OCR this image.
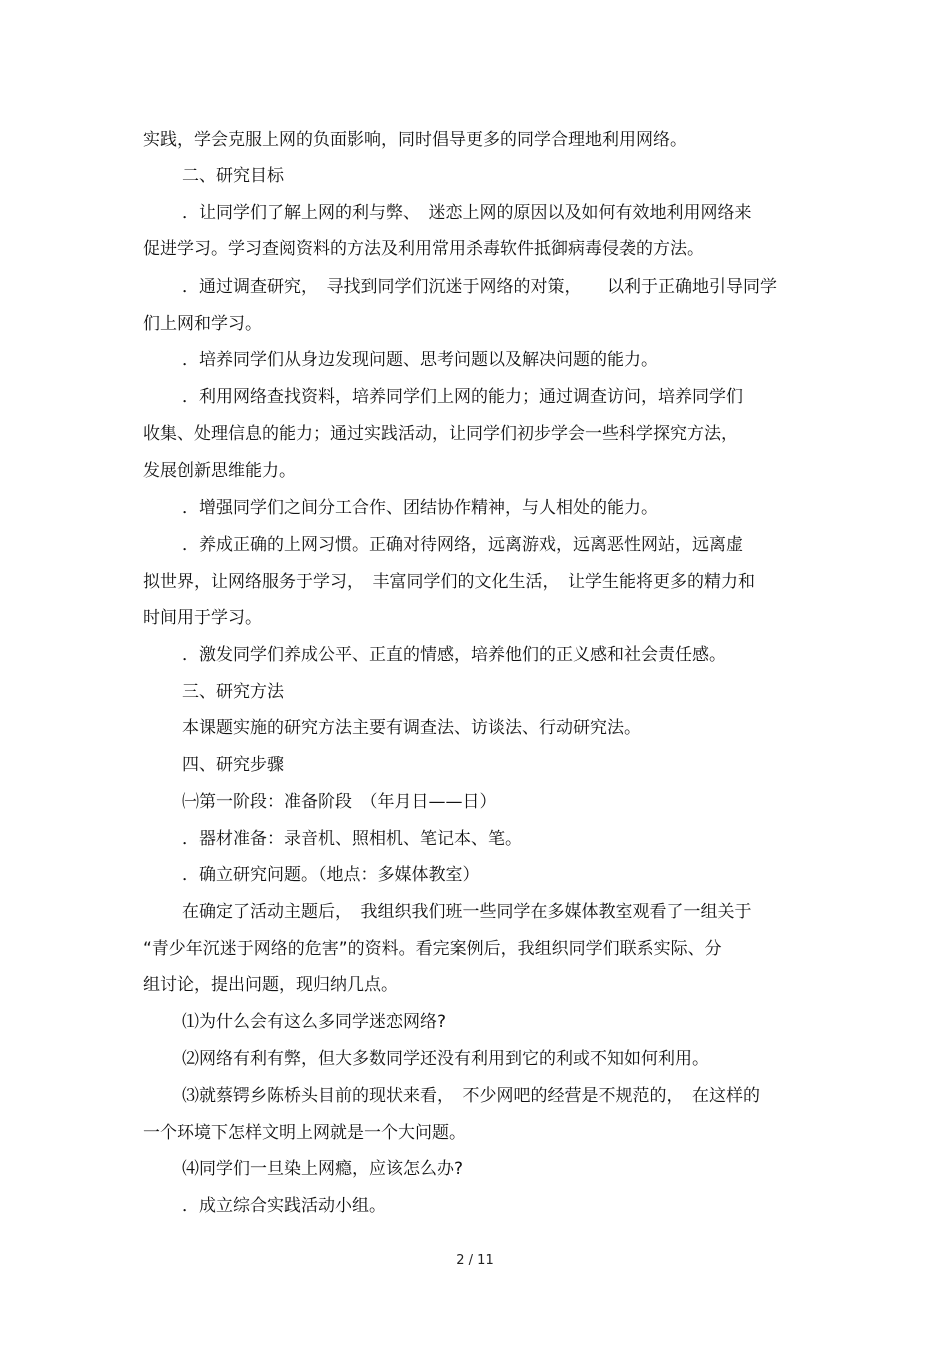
实践，学会克服上网的负面影响，同时倡导更多的同学合理地利用网络。
二、研究目标
．让同学们了解上网的利与弊、　迷恋上网的原因以及如何有效地利用网络来
促进学习。学习查阅资料的方法及利用常用杀毒软件抵御病毒侵袭的方法。
．通过调查研究，　寻找到同学们沉迷于网络的对策，　　以利于正确地引导同学
们上网和学习。
．培养同学们从身边发现问题、思考问题以及解决问题的能力。
．利用网络查找资料，培养同学们上网的能力；通过调查访问，培养同学们
收集、处理信息的能力；通过实践活动，让同学们初步学会一些科学探究方法，
发展创新思维能力。
．增强同学们之间分工合作、团结协作精神，与人相处的能力。
．养成正确的上网习惯。正确对待网络，远离游戏，远离恶性网站，远离虚
拟世界，让网络服务于学习，　丰富同学们的文化生活，　让学生能将更多的精力和
时间用于学习。
．激发同学们养成公平、正直的情感，培养他们的正义感和社会责任感。
三、研究方法
本课题实施的研究方法主要有调查法、访谈法、行动研究法。
四、研究步骤
㈠第一阶段：准备阶段　（年月日——日）
．器材准备：录音机、照相机、笔记本、笔。
．确立研究问题。（地点：多媒体教室）
在确定了活动主题后，　我组织我们班一些同学在多媒体教室观看了一组关于
“青少年沉迷于网络的危害”的资料。看完案例后，我组织同学们联系实际、分
组讨论，提出问题，现归纳几点。
⑴为什么会有这么多同学迷恋网络?
⑵网络有利有弊，但大多数同学还没有利用到它的利或不知如何利用。
⑶就蔡锷乡陈桥头目前的现状来看，　不少网吧的经营是不规范的，　在这样的
一个环境下怎样文明上网就是一个大问题。
⑷同学们一旦染上网瘾，应该怎么办?
．成立综合实践活动小组。
2 / 11
